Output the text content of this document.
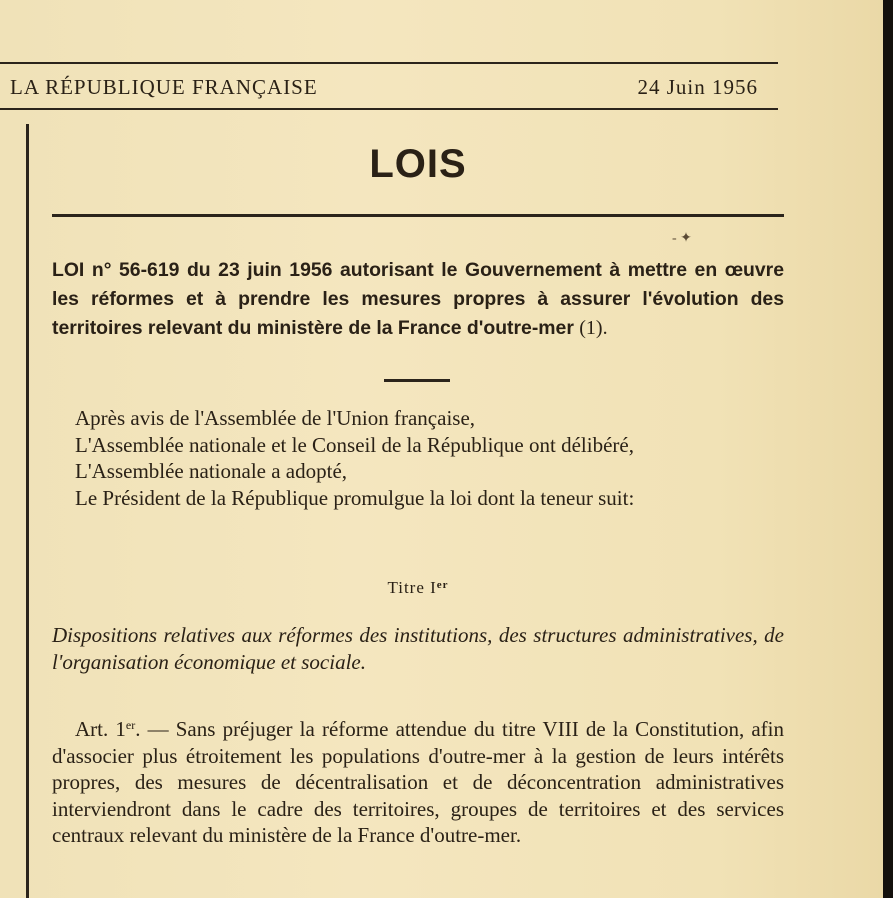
LA RÉPUBLIQUE FRANÇAISE	24 Juin 1956
LOIS
- ✦
LOI n° 56-619 du 23 juin 1956 autorisant le Gouvernement à mettre en œuvre les réformes et à prendre les mesures propres à assurer l'évolution des territoires relevant du ministère de la France d'outre-mer (1).

Après avis de l'Assemblée de l'Union française,

L'Assemblée nationale et le Conseil de la République ont délibéré,

L'Assemblée nationale a adopté,

Le Président de la République promulgue la loi dont la teneur suit:

Titre Ier
Dispositions relatives aux réformes des institutions, des structures administratives, de l'organisation économique et sociale.
Art. 1er. — Sans préjuger la réforme attendue du titre VIII de la Constitution, afin d'associer plus étroitement les populations d'outre-mer à la gestion de leurs intérêts propres, des mesures de décentralisation et de déconcentration administratives interviendront dans le cadre des territoires, groupes de territoires et des services centraux relevant du ministère de la France d'outre-mer.
